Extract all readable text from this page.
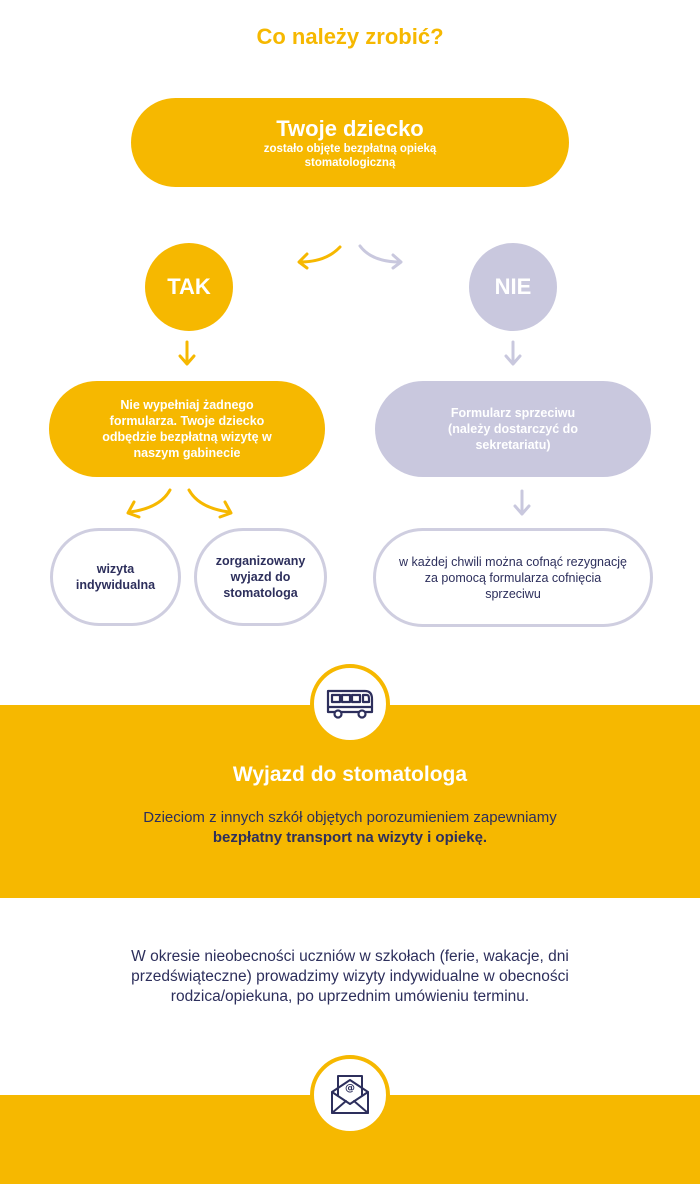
Co należy zrobić?
Twoje dziecko
zostało objęte bezpłatną opieką stomatologiczną
TAK	NIE
Nie wypełniaj żadnego formularza. Twoje dziecko odbędzie bezpłatną wizytę w naszym gabinecie
Formularz sprzeciwu (należy dostarczyć do sekretariatu)
wizyta indywidualna
zorganizowany wyjazd do stomatologa
w każdej chwili można cofnąć rezygnację za pomocą formularza cofnięcia sprzeciwu
Wyjazd do stomatologa
Dzieciom z innych szkół objętych porozumieniem zapewniamy bezpłatny transport na wizyty i opiekę.
W okresie nieobecności uczniów w szkołach (ferie, wakacje, dni przedświąteczne) prowadzimy wizyty indywidualne w obecności rodzica/opiekuna, po uprzednim umówieniu terminu.
@
